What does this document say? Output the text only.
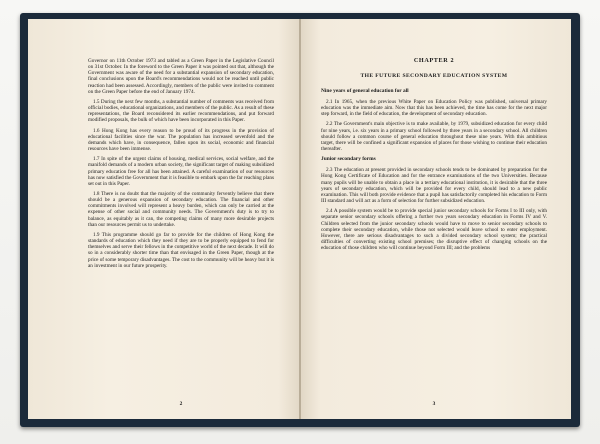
Governor on 11th October 1973 and tabled as a Green Paper in the Legislative Council on 31st October. In the foreword to the Green Paper it was pointed out that, although the Government was aware of the need for a substantial expansion of secondary education, final conclusions upon the Board's recommendations would not be reached until public reaction had been assessed. Accordingly, members of the public were invited to comment on the Green Paper before the end of January 1974.

1.5 During the next few months, a substantial number of comments was received from official bodies, educational organizations, and members of the public. As a result of these representations, the Board reconsidered its earlier recommendations, and put forward modified proposals, the bulk of which have been incorporated in this Paper.

1.6 Hong Kong has every reason to be proud of its progress in the provision of educational facilities since the war. The population has increased sevenfold and the demands which have, in consequence, fallen upon its social, economic and financial resources have been immense.

1.7 In spite of the urgent claims of housing, medical services, social welfare, and the manifold demands of a modern urban society, the significant target of making subsidized primary education free for all has been attained. A careful examination of our resources has now satisfied the Government that it is feasible to embark upon the far reaching plans set out in this Paper.

1.8 There is no doubt that the majority of the community fervently believe that there should be a generous expansion of secondary education. The financial and other commitments involved will represent a heavy burden, which can only be carried at the expense of other social and community needs. The Government's duty is to try to balance, as equitably as it can, the competing claims of many more desirable projects than our resources permit us to undertake.

1.9 This programme should go far to provide for the children of Hong Kong the standards of education which they need if they are to be properly equipped to fend for themselves and serve their fellows in the competitive world of the next decade. It will do so in a considerably shorter time than that envisaged in the Green Paper, though at the price of some temporary disadvantages. The cost to the community will be heavy but it is an investment in our future prosperity.

2
CHAPTER 2
THE FUTURE SECONDARY EDUCATION SYSTEM
Nine years of general education for all

2.1 In 1965, when the previous White Paper on Education Policy was published, universal primary education was the immediate aim. Now that this has been achieved, the time has come for the next major step forward, in the field of education, the development of secondary education.

2.2 The Government's main objective is to make available, by 1979, subsidized education for every child for nine years, i.e. six years in a primary school followed by three years in a secondary school. All children should follow a common course of general education throughout these nine years. With this ambitious target, there will be confined a significant expansion of places for those wishing to continue their education thereafter.

Junior secondary forms

2.3 The education at present provided in secondary schools tends to be dominated by preparation for the Hong Kong Certificate of Education and for the entrance examinations of the two Universities. Because many pupils will be unable to obtain a place in a tertiary educational institution, it is desirable that the three years of secondary education, which will be provided for every child, should lead to a new public examination. This will both provide evidence that a pupil has satisfactorily completed his education to Form III standard and will act as a form of selection for further subsidized education.

2.4 A possible system would be to provide special junior secondary schools for Forms I to III only, with separate senior secondary schools offering a further two years secondary education in Forms IV and V. Children selected from the junior secondary schools would have to move to senior secondary schools to complete their secondary education, while those not selected would leave school to enter employment. However, there are serious disadvantages to such a divided secondary school system; the practical difficulties of converting existing school premises; the disruptive effect of changing schools on the education of those children who will continue beyond Form III; and the problems

3
